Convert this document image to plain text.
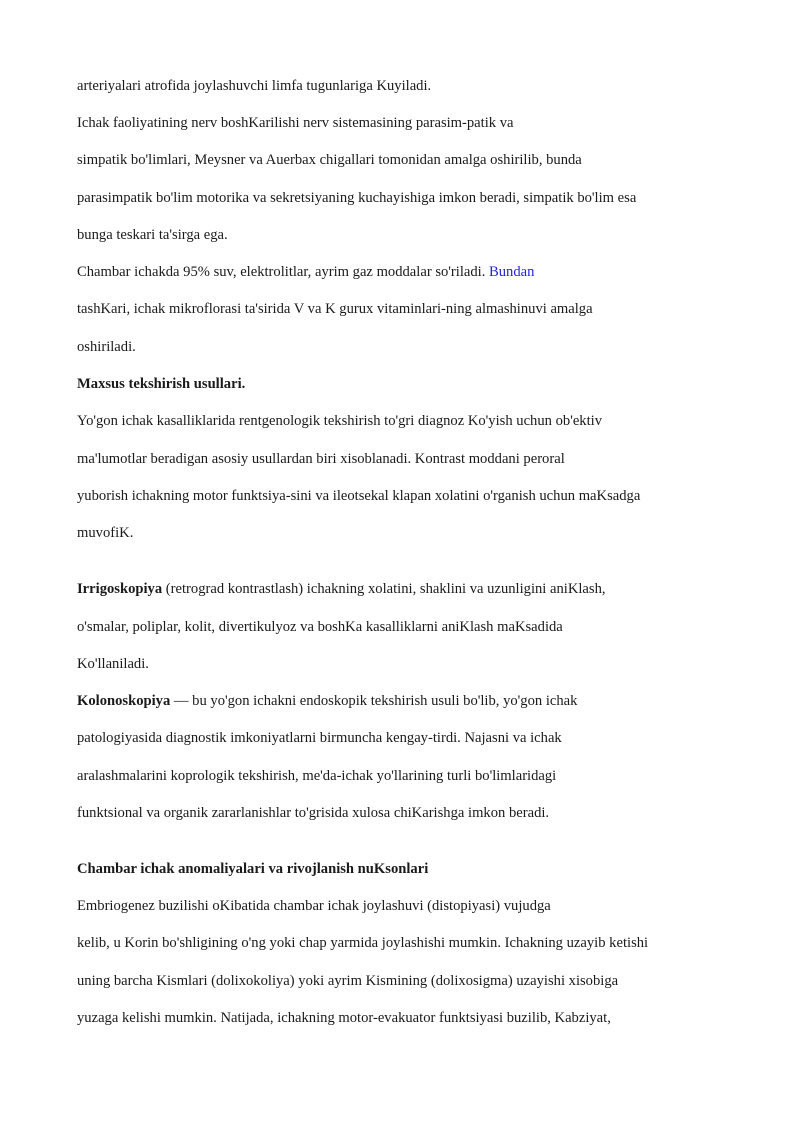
arteriyalari atrofida joylashuvchi limfa tugunlariga Kuyiladi.
Ichak faoliyatining nerv boshKarilishi nerv sistemasining parasim-patik va
simpatik bo'limlari, Meysner va Auerbax chigallari tomonidan amalga oshirilib, bunda
parasimpatik bo'lim motorika va sekretsiyaning kuchayishiga imkon beradi, simpatik bo'lim esa
bunga teskari ta'sirga ega.
Chambar ichakda 95% suv, elektrolitlar, ayrim gaz moddalar so'riladi. Bundan
tashKari, ichak mikroflorasi ta'sirida V va K gurux vitaminlari-ning almashinuvi amalga
oshiriladi.
Maxsus tekshirish usullari.
Yo'gon ichak kasalliklarida rentgenologik tekshirish to'gri diagnoz Ko'yish uchun ob'ektiv
ma'lumotlar beradigan asosiy usullardan biri xisoblanadi. Kontrast moddani peroral
yuborish ichakning motor funktsiya-sini va ileotsekal klapan xolatini o'rganish uchun maKsadga
muvofiK.
Irrigoskopiya (retrograd kontrastlash) ichakning xolatini, shaklini va uzunligini aniKlash,
o'smalar, poliplar, kolit, divertikulyoz va boshKa kasalliklarni aniKlash maKsadida
Ko'llaniladi.
Kolonoskopiya — bu yo'gon ichakni endoskopik tekshirish usuli bo'lib, yo'gon ichak
patologiyasida diagnostik imkoniyatlarni birmuncha kengay-tirdi. Najasni va ichak
aralashmalarini koprologik tekshirish, me'da-ichak yo'llarining turli bo'limlaridagi
funktsional va organik zararlanishlar to'grisida xulosa chiKarishga imkon beradi.
Chambar ichak anomaliyalari va rivojlanish nuKsonlari
Embriogenez buzilishi oKibatida chambar ichak joylashuvi (distopiyasi) vujudga
kelib, u Korin bo'shligining o'ng yoki chap yarmida joylashishi mumkin. Ichakning uzayib ketishi
uning barcha Kismlari (dolixokoliya) yoki ayrim Kismining (dolixosigma) uzayishi xisobiga
yuzaga kelishi mumkin. Natijada, ichakning motor-evakuator funktsiyasi buzilib, Kabziyat,
